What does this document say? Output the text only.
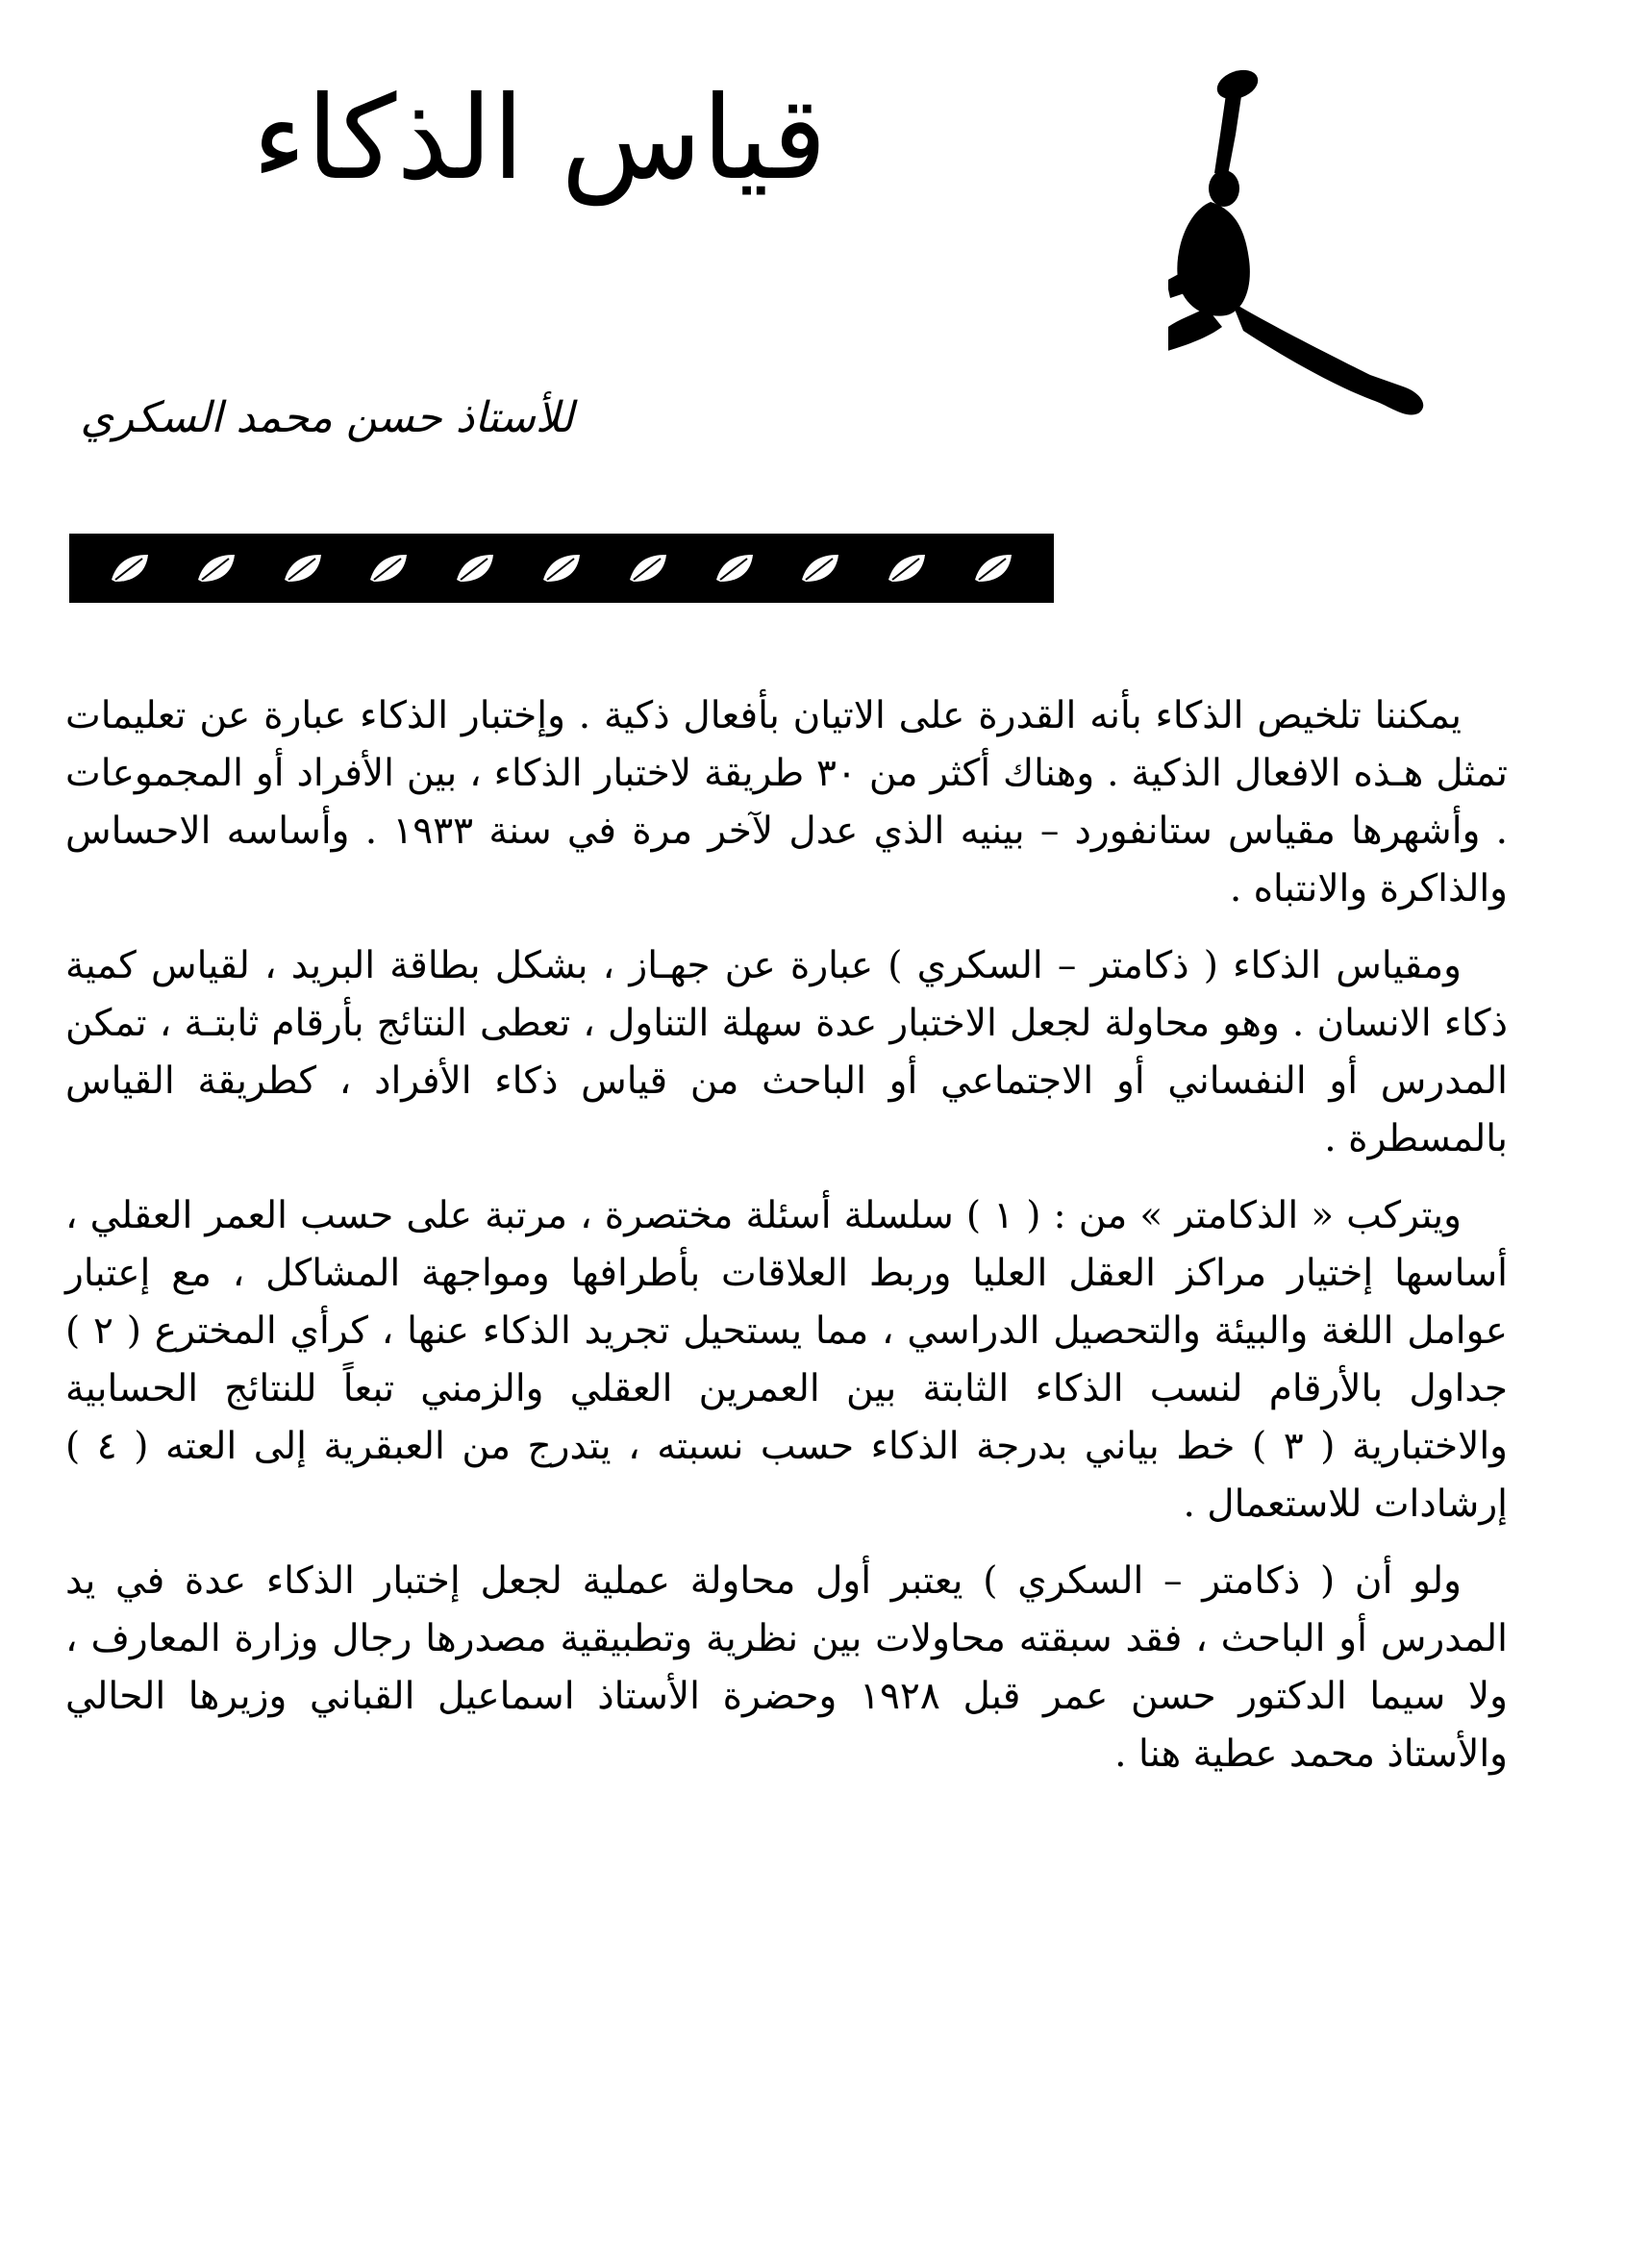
قياس الذكاء
للأستاذ حسن محمد السكري

يمكننا تلخيص الذكاء بأنه القدرة على الاتيان بأفعال ذكية . وإختبار الذكاء عبارة عن تعليمات تمثل هـذه الافعال الذكية . وهناك أكثر من ٣٠ طريقة لاختبار الذكاء ، بين الأفراد أو المجموعات . وأشهرها مقياس ستانفورد – بينيه الذي عدل لآخر مرة في سنة ١٩٣٣ . وأساسه الاحساس والذاكرة والانتباه .

ومقياس الذكاء ( ذكامتر – السكري ) عبارة عن جهـاز ، بشكل بطاقة البريد ، لقياس كمية ذكاء الانسان . وهو محاولة لجعل الاختبار عدة سهلة التناول ، تعطى النتائج بأرقام ثابتـة ، تمكن المدرس أو النفساني أو الاجتماعي أو الباحث من قياس ذكاء الأفراد ، كطريقة القياس بالمسطرة .

ويتركب « الذكامتر » من : ( ١ ) سلسلة أسئلة مختصرة ، مرتبة على حسب العمر العقلي ، أساسها إختيار مراكز العقل العليا وربط العلاقات بأطرافها ومواجهة المشاكل ، مع إعتبار عوامل اللغة والبيئة والتحصيل الدراسي ، مما يستحيل تجريد الذكاء عنها ، كرأي المخترع ( ٢ ) جداول بالأرقام لنسب الذكاء الثابتة بين العمرين العقلي والزمني تبعاً للنتائج الحسابية والاختبارية ( ٣ ) خط بياني بدرجة الذكاء حسب نسبته ، يتدرج من العبقرية إلى العته ( ٤ ) إرشادات للاستعمال .

ولو أن ( ذكامتر – السكري ) يعتبر أول محاولة عملية لجعل إختبار الذكاء عدة في يد المدرس أو الباحث ، فقد سبقته محاولات بين نظرية وتطبيقية مصدرها رجال وزارة المعارف ، ولا سيما الدكتور حسن عمر قبل ١٩٢٨ وحضرة الأستاذ اسماعيل القباني وزيرها الحالي والأستاذ محمد عطية هنا .
